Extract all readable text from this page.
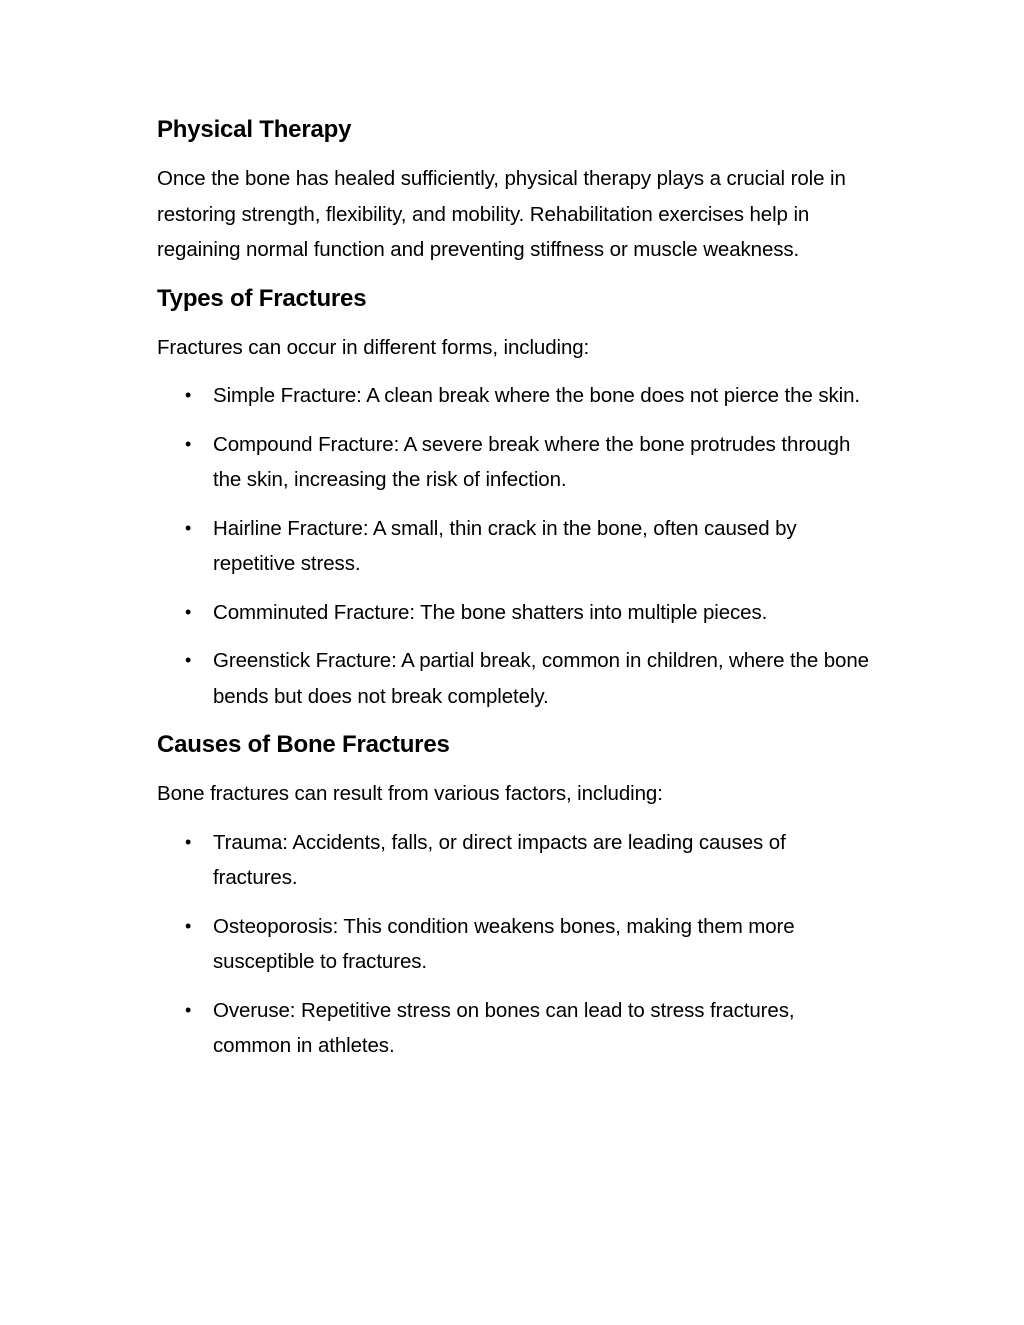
Physical Therapy

Once the bone has healed sufficiently, physical therapy plays a crucial role in restoring strength, flexibility, and mobility. Rehabilitation exercises help in regaining normal function and preventing stiffness or muscle weakness.

Types of Fractures

Fractures can occur in different forms, including:

• Simple Fracture: A clean break where the bone does not pierce the skin.
• Compound Fracture: A severe break where the bone protrudes through the skin, increasing the risk of infection.
• Hairline Fracture: A small, thin crack in the bone, often caused by repetitive stress.
• Comminuted Fracture: The bone shatters into multiple pieces.
• Greenstick Fracture: A partial break, common in children, where the bone bends but does not break completely.
Causes of Bone Fractures

Bone fractures can result from various factors, including:

• Trauma: Accidents, falls, or direct impacts are leading causes of fractures.
• Osteoporosis: This condition weakens bones, making them more susceptible to fractures.
• Overuse: Repetitive stress on bones can lead to stress fractures, common in athletes.
